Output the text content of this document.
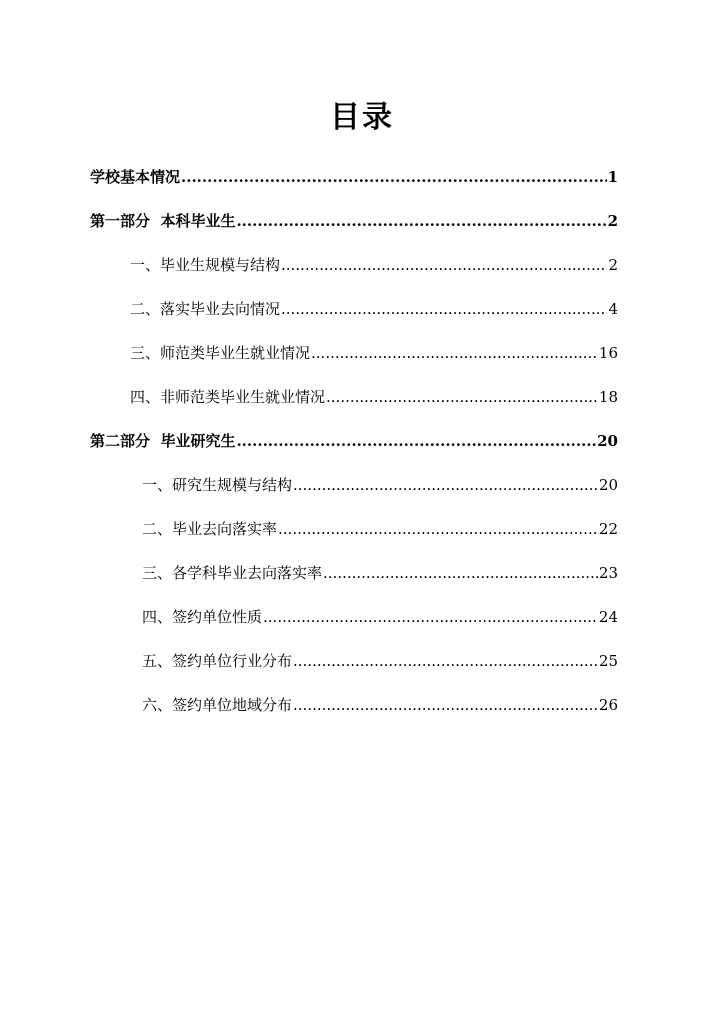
目录
学校基本情况 .....	1
第一部分  本科毕业生 .....	2
一、毕业生规模与结构 .....	2
二、落实毕业去向情况 .....	4
三、师范类毕业生就业情况 .....	16
四、非师范类毕业生就业情况 .....	18
第二部分  毕业研究生 .....	20
一、研究生规模与结构 .....	20
二、毕业去向落实率 .....	22
三、各学科毕业去向落实率 .....	23
四、签约单位性质 .....	24
五、签约单位行业分布 .....	25
六、签约单位地域分布 .....	26
